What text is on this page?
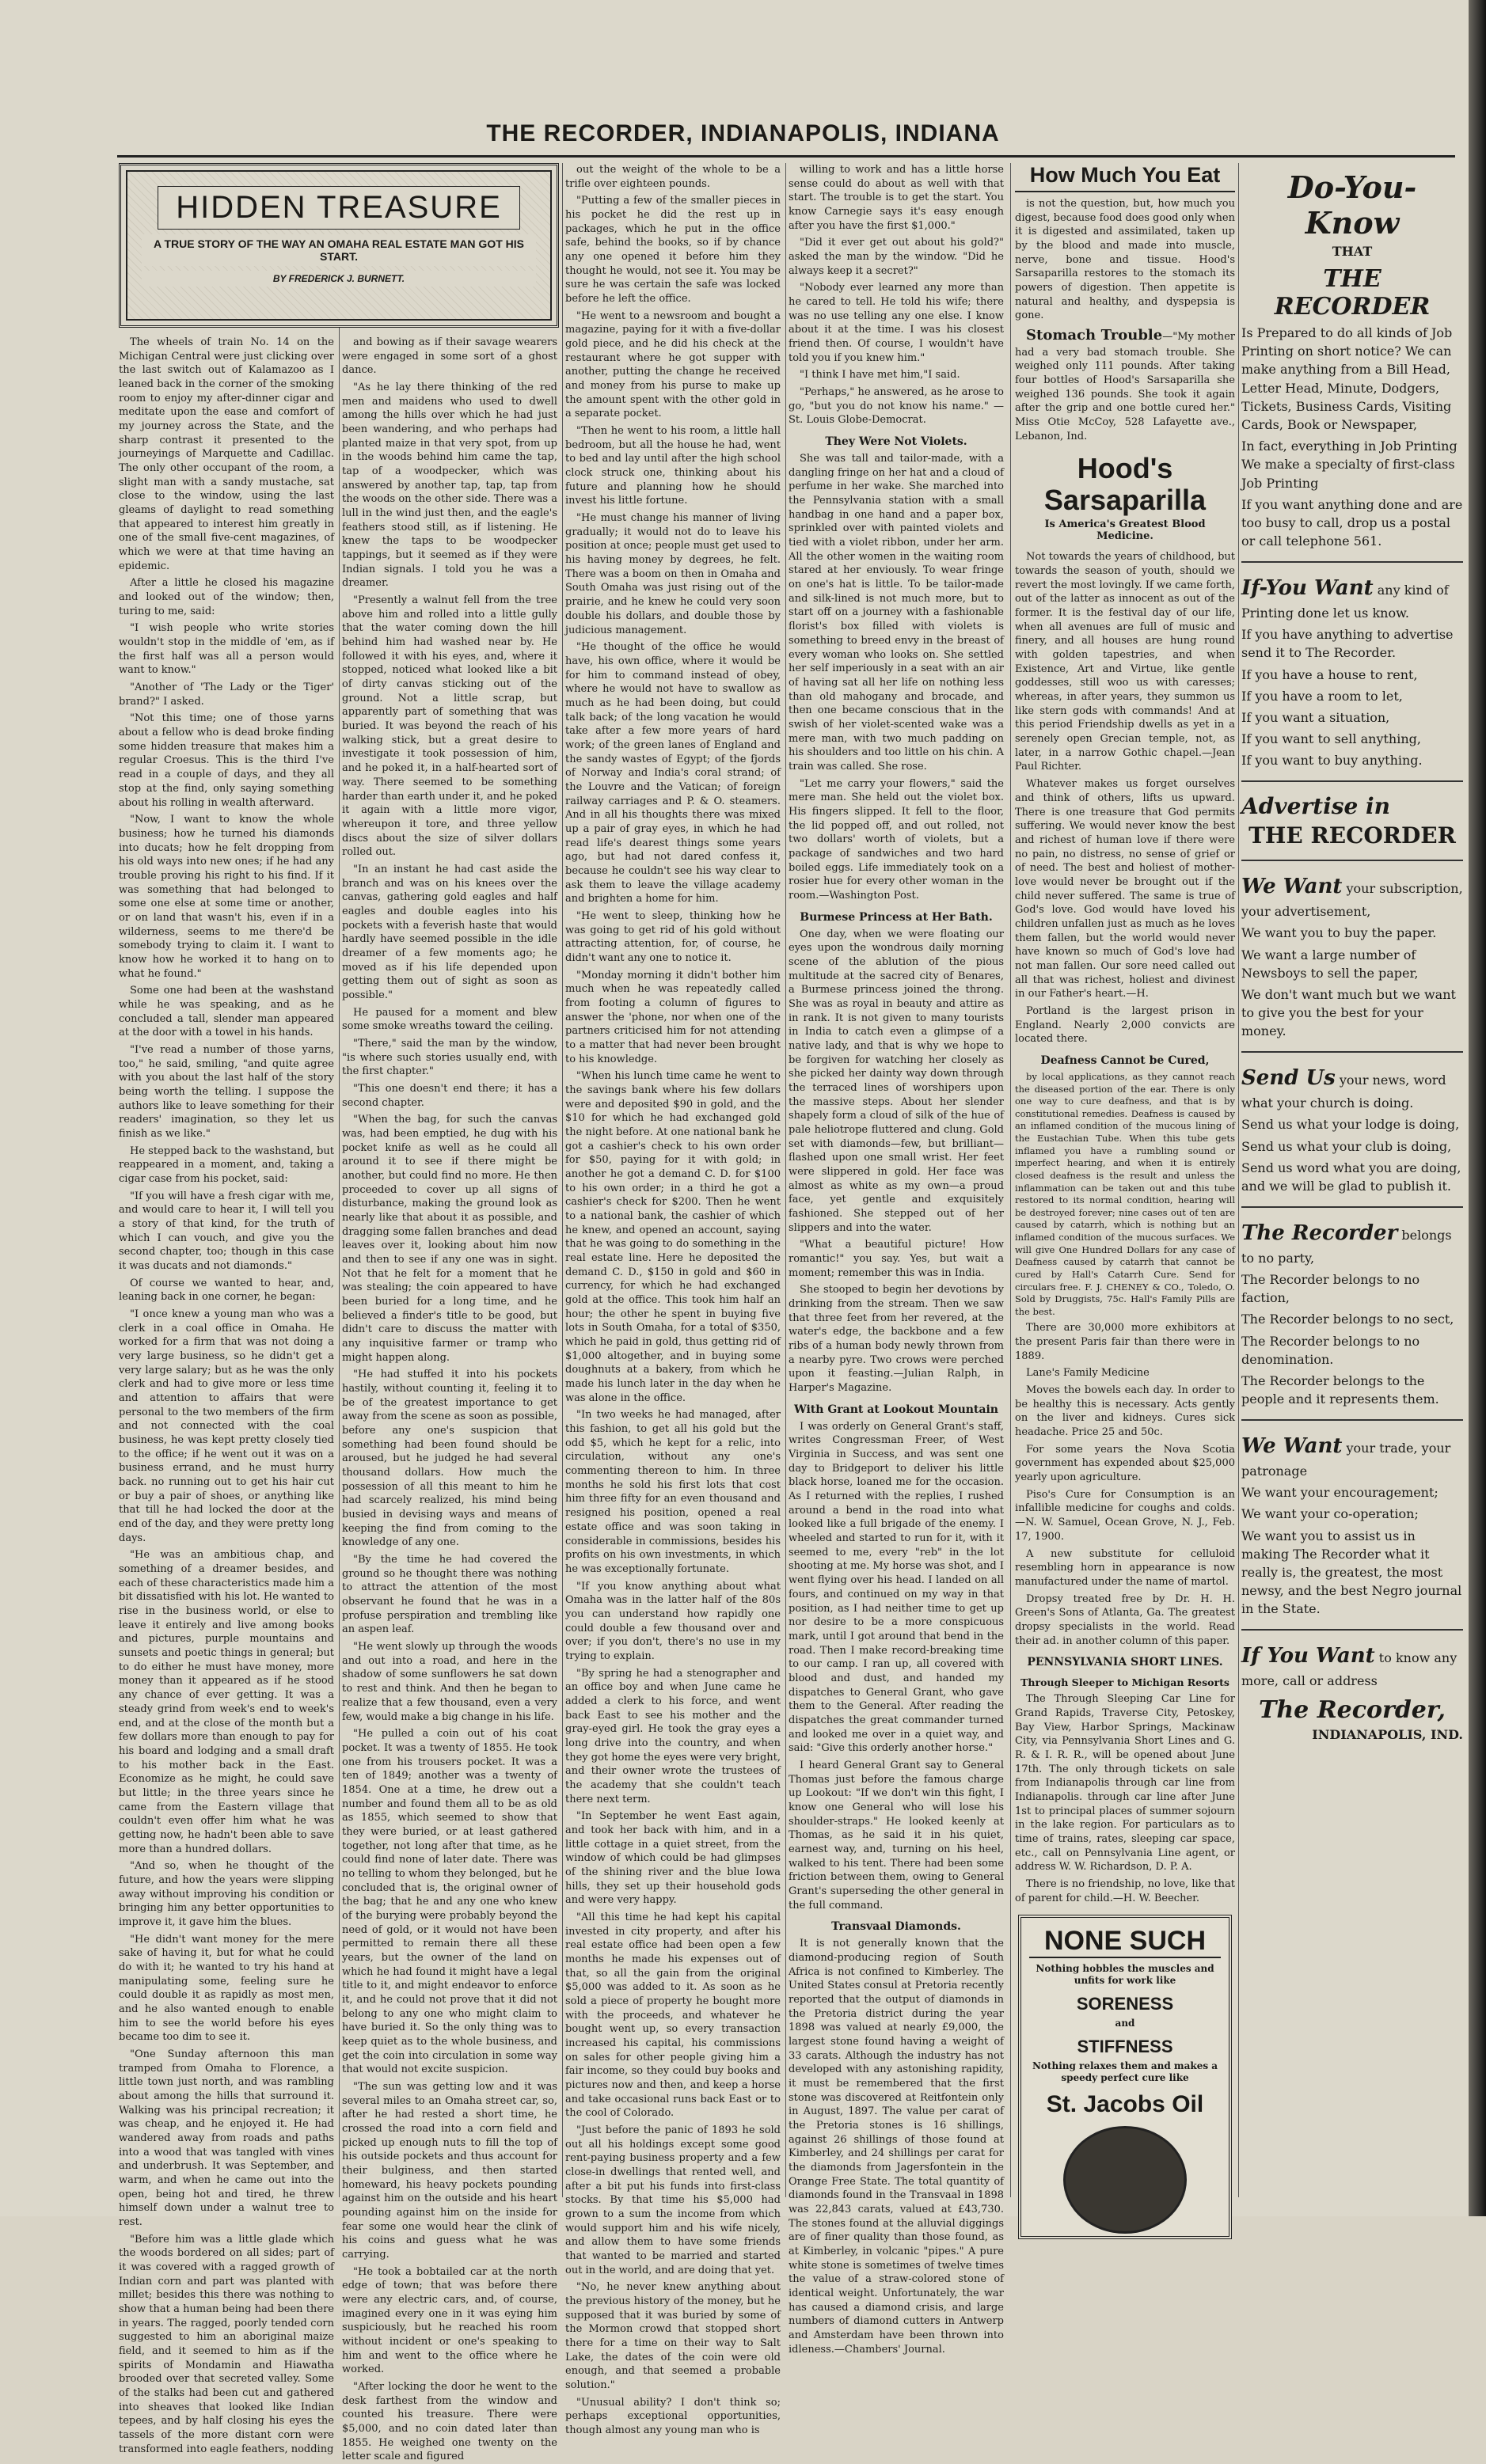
THE RECORDER, INDIANAPOLIS, INDIANA
HIDDEN TREASURE
A TRUE STORY OF THE WAY AN OMAHA REAL ESTATE MAN GOT HIS START.
BY FREDERICK J. BURNETT.

The wheels of train No. 14 on the Michigan Central were just clicking over the last switch out of Kalamazoo as I leaned back in the corner of the smoking room to enjoy my after-dinner cigar and meditate upon the ease and comfort of my journey across the State, and the sharp contrast it presented to the journeyings of Marquette and Cadillac. The only other occupant of the room, a slight man with a sandy mustache, sat close to the window, using the last gleams of daylight to read something that appeared to interest him greatly in one of the small five-cent magazines, of which we were at that time having an epidemic.

After a little he closed his magazine and looked out of the window; then, turing to me, said:

"I wish people who write stories wouldn't stop in the middle of 'em, as if the first half was all a person would want to know."

"Another of 'The Lady or the Tiger' brand?" I asked.

"Not this time; one of those yarns about a fellow who is dead broke finding some hidden treasure that makes him a regular Croesus. This is the third I've read in a couple of days, and they all stop at the find, only saying something about his rolling in wealth afterward.

"Now, I want to know the whole business; how he turned his diamonds into ducats; how he felt dropping from his old ways into new ones; if he had any trouble proving his right to his find. If it was something that had belonged to some one else at some time or another, or on land that wasn't his, even if in a wilderness, seems to me there'd be somebody trying to claim it. I want to know how he worked it to hang on to what he found."

Some one had been at the washstand while he was speaking, and as he concluded a tall, slender man appeared at the door with a towel in his hands.

"I've read a number of those yarns, too," he said, smiling, "and quite agree with you about the last half of the story being worth the telling. I suppose the authors like to leave something for their readers' imagination, so they let us finish as we like."

He stepped back to the washstand, but reappeared in a moment, and, taking a cigar case from his pocket, said:

"If you will have a fresh cigar with me, and would care to hear it, I will tell you a story of that kind, for the truth of which I can vouch, and give you the second chapter, too; though in this case it was ducats and not diamonds."

Of course we wanted to hear, and, leaning back in one corner, he began:

"I once knew a young man who was a clerk in a coal office in Omaha. He worked for a firm that was not doing a very large business, so he didn't get a very large salary; but as he was the only clerk and had to give more or less time and attention to affairs that were personal to the two members of the firm and not connected with the coal business, he was kept pretty closely tied to the office; if he went out it was on a business errand, and he must hurry back. no running out to get his hair cut or buy a pair of shoes, or anything like that till he had locked the door at the end of the day, and they were pretty long days.

"He was an ambitious chap, and something of a dreamer besides, and each of these characteristics made him a bit dissatisfied with his lot. He wanted to rise in the business world, or else to leave it entirely and live among books and pictures, purple mountains and sunsets and poetic things in general; but to do either he must have money, more money than it appeared as if he stood any chance of ever getting. It was a steady grind from week's end to week's end, and at the close of the month but a few dollars more than enough to pay for his board and lodging and a small draft to his mother back in the East. Economize as he might, he could save but little; in the three years since he came from the Eastern village that couldn't even offer him what he was getting now, he hadn't been able to save more than a hundred dollars.

"And so, when he thought of the future, and how the years were slipping away without improving his condition or bringing him any better opportunities to improve it, it gave him the blues.

"He didn't want money for the mere sake of having it, but for what he could do with it; he wanted to try his hand at manipulating some, feeling sure he could double it as rapidly as most men, and he also wanted enough to enable him to see the world before his eyes became too dim to see it.

"One Sunday afternoon this man tramped from Omaha to Florence, a little town just north, and was rambling about among the hills that surround it. Walking was his principal recreation; it was cheap, and he enjoyed it. He had wandered away from roads and paths into a wood that was tangled with vines and underbrush. It was September, and warm, and when he came out into the open, being hot and tired, he threw himself down under a walnut tree to rest.

"Before him was a little glade which the woods bordered on all sides; part of it was covered with a ragged growth of Indian corn and part was planted with millet; besides this there was nothing to show that a human being had been there in years. The ragged, poorly tended corn suggested to him an aboriginal maize field, and it seemed to him as if the spirits of Mondamin and Hiawatha brooded over that secreted valley. Some of the stalks had been cut and gathered into sheaves that looked like Indian tepees, and by half closing his eyes the tassels of the more distant corn were transformed into eagle feathers, nodding

and bowing as if their savage wearers were engaged in some sort of a ghost dance.

"As he lay there thinking of the red men and maidens who used to dwell among the hills over which he had just been wandering, and who perhaps had planted maize in that very spot, from up in the woods behind him came the tap, tap of a woodpecker, which was answered by another tap, tap, tap from the woods on the other side. There was a lull in the wind just then, and the eagle's feathers stood still, as if listening. He knew the taps to be woodpecker tappings, but it seemed as if they were Indian signals. I told you he was a dreamer.

"Presently a walnut fell from the tree above him and rolled into a little gully that the water coming down the hill behind him had washed near by. He followed it with his eyes, and, where it stopped, noticed what looked like a bit of dirty canvas sticking out of the ground. Not a little scrap, but apparently part of something that was buried. It was beyond the reach of his walking stick, but a great desire to investigate it took possession of him, and he poked it, in a half-hearted sort of way. There seemed to be something harder than earth under it, and he poked it again with a little more vigor, whereupon it tore, and three yellow discs about the size of silver dollars rolled out.

"In an instant he had cast aside the branch and was on his knees over the canvas, gathering gold eagles and half eagles and double eagles into his pockets with a feverish haste that would hardly have seemed possible in the idle dreamer of a few moments ago; he moved as if his life depended upon getting them out of sight as soon as possible."

He paused for a moment and blew some smoke wreaths toward the ceiling.

"There," said the man by the window, "is where such stories usually end, with the first chapter."

"This one doesn't end there; it has a second chapter.

"When the bag, for such the canvas was, had been emptied, he dug with his pocket knife as well as he could all around it to see if there might be another, but could find no more. He then proceeded to cover up all signs of disturbance, making the ground look as nearly like that about it as possible, and dragging some fallen branches and dead leaves over it, looking about him now and then to see if any one was in sight. Not that he felt for a moment that he was stealing; the coin appeared to have been buried for a long time, and he believed a finder's title to be good, but didn't care to discuss the matter with any inquisitive farmer or tramp who might happen along.

"He had stuffed it into his pockets hastily, without counting it, feeling it to be of the greatest importance to get away from the scene as soon as possible, before any one's suspicion that something had been found should be aroused, but he judged he had several thousand dollars. How much the possession of all this meant to him he had scarcely realized, his mind being busied in devising ways and means of keeping the find from coming to the knowledge of any one.

"By the time he had covered the ground so he thought there was nothing to attract the attention of the most observant he found that he was in a profuse perspiration and trembling like an aspen leaf.

"He went slowly up through the woods and out into a road, and here in the shadow of some sunflowers he sat down to rest and think. And then he began to realize that a few thousand, even a very few, would make a big change in his life.

"He pulled a coin out of his coat pocket. It was a twenty of 1855. He took one from his trousers pocket. It was a ten of 1849; another was a twenty of 1854. One at a time, he drew out a number and found them all to be as old as 1855, which seemed to show that they were buried, or at least gathered together, not long after that time, as he could find none of later date. There was no telling to whom they belonged, but he concluded that is, the original owner of the bag; that he and any one who knew of the burying were probably beyond the need of gold, or it would not have been permitted to remain there all these years, but the owner of the land on which he had found it might have a legal title to it, and might endeavor to enforce it, and he could not prove that it did not belong to any one who might claim to have buried it. So the only thing was to keep quiet as to the whole business, and get the coin into circulation in some way that would not excite suspicion.

"The sun was getting low and it was several miles to an Omaha street car, so, after he had rested a short time, he crossed the road into a corn field and picked up enough nuts to fill the top of his outside pockets and thus account for their bulginess, and then started homeward, his heavy pockets pounding against him on the outside and his heart pounding against him on the inside for fear some one would hear the clink of his coins and guess what he was carrying.

"He took a bobtailed car at the north edge of town; that was before there were any electric cars, and, of course, imagined every one in it was eying him suspiciously, but he reached his room without incident or one's speaking to him and went to the office where he worked.

"After locking the door he went to the desk farthest from the window and counted his treasure. There were $5,000, and no coin dated later than 1855. He weighed one twenty on the letter scale and figured

out the weight of the whole to be a trifle over eighteen pounds.

"Putting a few of the smaller pieces in his pocket he did the rest up in packages, which he put in the office safe, behind the books, so if by chance any one opened it before him they thought he would, not see it. You may be sure he was certain the safe was locked before he left the office.

"He went to a newsroom and bought a magazine, paying for it with a five-dollar gold piece, and he did his check at the restaurant where he got supper with another, putting the change he received and money from his purse to make up the amount spent with the other gold in a separate pocket.

"Then he went to his room, a little hall bedroom, but all the house he had, went to bed and lay until after the high school clock struck one, thinking about his future and planning how he should invest his little fortune.

"He must change his manner of living gradually; it would not do to leave his position at once; people must get used to his having money by degrees, he felt. There was a boom on then in Omaha and South Omaha was just rising out of the prairie, and he knew he could very soon double his dollars, and double those by judicious management.

"He thought of the office he would have, his own office, where it would be for him to command instead of obey, where he would not have to swallow as much as he had been doing, but could talk back; of the long vacation he would take after a few more years of hard work; of the green lanes of England and the sandy wastes of Egypt; of the fjords of Norway and India's coral strand; of the Louvre and the Vatican; of foreign railway carriages and P. & O. steamers. And in all his thoughts there was mixed up a pair of gray eyes, in which he had read life's dearest things some years ago, but had not dared confess it, because he couldn't see his way clear to ask them to leave the village academy and brighten a home for him.

"He went to sleep, thinking how he was going to get rid of his gold without attracting attention, for, of course, he didn't want any one to notice it.

"Monday morning it didn't bother him much when he was repeatedly called from footing a column of figures to answer the 'phone, nor when one of the partners criticised him for not attending to a matter that had never been brought to his knowledge.

"When his lunch time came he went to the savings bank where his few dollars were and deposited $90 in gold, and the $10 for which he had exchanged gold the night before. At one national bank he got a cashier's check to his own order for $50, paying for it with gold; in another he got a demand C. D. for $100 to his own order; in a third he got a cashier's check for $200. Then he went to a national bank, the cashier of which he knew, and opened an account, saying that he was going to do something in the real estate line. Here he deposited the demand C. D., $150 in gold and $60 in currency, for which he had exchanged gold at the office. This took him half an hour; the other he spent in buying five lots in South Omaha, for a total of $350, which he paid in gold, thus getting rid of $1,000 altogether, and in buying some doughnuts at a bakery, from which he made his lunch later in the day when he was alone in the office.

"In two weeks he had managed, after this fashion, to get all his gold but the odd $5, which he kept for a relic, into circulation, without any one's commenting thereon to him. In three months he sold his first lots that cost him three fifty for an even thousand and resigned his position, opened a real estate office and was soon taking in considerable in commissions, besides his profits on his own investments, in which he was exceptionally fortunate.

"If you know anything about what Omaha was in the latter half of the 80s you can understand how rapidly one could double a few thousand over and over; if you don't, there's no use in my trying to explain.

"By spring he had a stenographer and an office boy and when June came he added a clerk to his force, and went back East to see his mother and the gray-eyed girl. He took the gray eyes a long drive into the country, and when they got home the eyes were very bright, and their owner wrote the trustees of the academy that she couldn't teach there next term.

"In September he went East again, and took her back with him, and in a little cottage in a quiet street, from the window of which could be had glimpses of the shining river and the blue Iowa hills, they set up their household gods and were very happy.

"All this time he had kept his capital invested in city property, and after his real estate office had been open a few months he made his expenses out of that, so all the gain from the original $5,000 was added to it. As soon as he sold a piece of property he bought more with the proceeds, and whatever he bought went up, so every transaction increased his capital, his commissions on sales for other people giving him a fair income, so they could buy books and pictures now and then, and keep a horse and take occasional runs back East or to the cool of Colorado.

"Just before the panic of 1893 he sold out all his holdings except some good rent-paying business property and a few close-in dwellings that rented well, and after a bit put his funds into first-class stocks. By that time his $5,000 had grown to a sum the income from which would support him and his wife nicely, and allow them to have some friends that wanted to be married and started out in the world, and are doing that yet.

"No, he never knew anything about the previous history of the money, but he supposed that it was buried by some of the Mormon crowd that stopped short there for a time on their way to Salt Lake, the dates of the coin were old enough, and that seemed a probable solution."

"Unusual ability? I don't think so; perhaps exceptional opportunities, though almost any young man who is

willing to work and has a little horse sense could do about as well with that start. The trouble is to get the start. You know Carnegie says it's easy enough after you have the first $1,000."

"Did it ever get out about his gold?" asked the man by the window. "Did he always keep it a secret?"

"Nobody ever learned any more than he cared to tell. He told his wife; there was no use telling any one else. I know about it at the time. I was his closest friend then. Of course, I wouldn't have told you if you knew him."

"I think I have met him,"I said.

"Perhaps," he answered, as he arose to go, "but you do not know his name." —St. Louis Globe-Democrat.

They Were Not Violets.

She was tall and tailor-made, with a dangling fringe on her hat and a cloud of perfume in her wake. She marched into the Pennsylvania station with a small handbag in one hand and a paper box, sprinkled over with painted violets and tied with a violet ribbon, under her arm. All the other women in the waiting room stared at her enviously. To wear fringe on one's hat is little. To be tailor-made and silk-lined is not much more, but to start off on a journey with a fashionable florist's box filled with violets is something to breed envy in the breast of every woman who looks on. She settled her self imperiously in a seat with an air of having sat all her life on nothing less than old mahogany and brocade, and then one became conscious that in the swish of her violet-scented wake was a mere man, with two much padding on his shoulders and too little on his chin. A train was called. She rose.

"Let me carry your flowers," said the mere man. She held out the violet box. His fingers slipped. It fell to the floor, the lid popped off, and out rolled, not two dollars' worth of violets, but a package of sandwiches and two hard boiled eggs. Life immediately took on a rosier hue for every other woman in the room.—Washington Post.

Burmese Princess at Her Bath.

One day, when we were floating our eyes upon the wondrous daily morning scene of the ablution of the pious multitude at the sacred city of Benares, a Burmese princess joined the throng. She was as royal in beauty and attire as in rank. It is not given to many tourists in India to catch even a glimpse of a native lady, and that is why we hope to be forgiven for watching her closely as she picked her dainty way down through the terraced lines of worshipers upon the massive steps. About her slender shapely form a cloud of silk of the hue of pale heliotrope fluttered and clung. Gold set with diamonds—few, but brilliant—flashed upon one small wrist. Her feet were slippered in gold. Her face was almost as white as my own—a proud face, yet gentle and exquisitely fashioned. She stepped out of her slippers and into the water.

"What a beautiful picture! How romantic!" you say. Yes, but wait a moment; remember this was in India.

She stooped to begin her devotions by drinking from the stream. Then we saw that three feet from her revered, at the water's edge, the backbone and a few ribs of a human body newly thrown from a nearby pyre. Two crows were perched upon it feasting.—Julian Ralph, in Harper's Magazine.

With Grant at Lookout Mountain

I was orderly on General Grant's staff, writes Congressman Freer, of West Virginia in Success, and was sent one day to Bridgeport to deliver his little black horse, loaned me for the occasion. As I returned with the replies, I rushed around a bend in the road into what looked like a full brigade of the enemy. I wheeled and started to run for it, with it seemed to me, every "reb" in the lot shooting at me. My horse was shot, and I went flying over his head. I landed on all fours, and continued on my way in that position, as I had neither time to get up nor desire to be a more conspicuous mark, until I got around that bend in the road. Then I make record-breaking time to our camp. I ran up, all covered with blood and dust, and handed my dispatches to General Grant, who gave them to the General. After reading the dispatches the great commander turned and looked me over in a quiet way, and said: "Give this orderly another horse."

I heard General Grant say to General Thomas just before the famous charge up Lookout: "If we don't win this fight, I know one General who will lose his shoulder-straps." He looked keenly at Thomas, as he said it in his quiet, earnest way, and, turning on his heel, walked to his tent. There had been some friction between them, owing to General Grant's superseding the other general in the full command.

Transvaal Diamonds.

It is not generally known that the diamond-producing region of South Africa is not confined to Kimberley. The United States consul at Pretoria recently reported that the output of diamonds in the Pretoria district during the year 1898 was valued at nearly £9,000, the largest stone found having a weight of 33 carats. Although the industry has not developed with any astonishing rapidity, it must be remembered that the first stone was discovered at Reitfontein only in August, 1897. The value per carat of the Pretoria stones is 16 shillings, against 26 shillings of those found at Kimberley, and 24 shillings per carat for the diamonds from Jagersfontein in the Orange Free State. The total quantity of diamonds found in the Transvaal in 1898 was 22,843 carats, valued at £43,730. The stones found at the alluvial diggings are of finer quality than those found, as at Kimberley, in volcanic "pipes." A pure white stone is sometimes of twelve times the value of a straw-colored stone of identical weight. Unfortunately, the war has caused a diamond crisis, and large numbers of diamond cutters in Antwerp and Amsterdam have been thrown into idleness.—Chambers' Journal.

How Much You Eat

is not the question, but, how much you digest, because food does good only when it is digested and assimilated, taken up by the blood and made into muscle, nerve, bone and tissue. Hood's Sarsaparilla restores to the stomach its powers of digestion. Then appetite is natural and healthy, and dyspepsia is gone.

Stomach Trouble—"My mother had a very bad stomach trouble. She weighed only 111 pounds. After taking four bottles of Hood's Sarsaparilla she weighed 136 pounds. She took it again after the grip and one bottle cured her." Miss Otie McCoy, 528 Lafayette ave., Lebanon, Ind.

Hood's Sarsaparilla
Is America's Greatest Blood Medicine.

Not towards the years of childhood, but towards the season of youth, should we revert the most lovingly. If we came forth, out of the latter as innocent as out of the former. It is the festival day of our life, when all avenues are full of music and finery, and all houses are hung round with golden tapestries, and when Existence, Art and Virtue, like gentle goddesses, still woo us with caresses; whereas, in after years, they summon us like stern gods with commands! And at this period Friendship dwells as yet in a serenely open Grecian temple, not, as later, in a narrow Gothic chapel.—Jean Paul Richter.

Whatever makes us forget ourselves and think of others, lifts us upward. There is one treasure that God permits suffering. We would never know the best and richest of human love if there were no pain, no distress, no sense of grief or of need. The best and holiest of mother-love would never be brought out if the child never suffered. The same is true of God's love. God would have loved his children unfallen just as much as he loves them fallen, but the world would never have known so much of God's love had not man fallen. Our sore need called out all that was richest, holiest and divinest in our Father's heart.—H.

Portland is the largest prison in England. Nearly 2,000 convicts are located there.

Deafness Cannot be Cured,

by local applications, as they cannot reach the diseased portion of the ear. There is only one way to cure deafness, and that is by constitutional remedies. Deafness is caused by an inflamed condition of the mucous lining of the Eustachian Tube. When this tube gets inflamed you have a rumbling sound or imperfect hearing, and when it is entirely closed deafness is the result and unless the inflammation can be taken out and this tube restored to its normal condition, hearing will be destroyed forever; nine cases out of ten are caused by catarrh, which is nothing but an inflamed condition of the mucous surfaces. We will give One Hundred Dollars for any case of Deafness caused by catarrh that cannot be cured by Hall's Catarrh Cure. Send for circulars free. F. J. CHENEY & CO., Toledo, O. Sold by Druggists, 75c. Hall's Family Pills are the best.

There are 30,000 more exhibitors at the present Paris fair than there were in 1889.

Lane's Family Medicine

Moves the bowels each day. In order to be healthy this is necessary. Acts gently on the liver and kidneys. Cures sick headache. Price 25 and 50c.

For some years the Nova Scotia government has expended about $25,000 yearly upon agriculture.

Piso's Cure for Consumption is an infallible medicine for coughs and colds.—N. W. Samuel, Ocean Grove, N. J., Feb. 17, 1900.

A new substitute for celluloid resembling horn in appearance is now manufactured under the name of martol.

Dropsy treated free by Dr. H. H. Green's Sons of Atlanta, Ga. The greatest dropsy specialists in the world. Read their ad. in another column of this paper.

PENNSYLVANIA SHORT LINES.
Through Sleeper to Michigan Resorts

The Through Sleeping Car Line for Grand Rapids, Traverse City, Petoskey, Bay View, Harbor Springs, Mackinaw City, via Pennsylvania Short Lines and G. R. & I. R. R., will be opened about June 17th. The only through tickets on sale from Indianapolis through car line from Indianapolis. through car line after June 1st to principal places of summer sojourn in the lake region. For particulars as to time of trains, rates, sleeping car space, etc., call on Pennsylvania Line agent, or address W. W. Richardson, D. P. A.

There is no friendship, no love, like that of parent for child.—H. W. Beecher.

NONE SUCH
Nothing hobbles the muscles and unfits for work like
SORENESS
and
STIFFNESS
Nothing relaxes them and makes a speedy perfect cure like
St. Jacobs Oil
Do-You-Know
THAT
THE RECORDER

Is Prepared to do all kinds of Job Printing on short notice? We can make anything from a Bill Head, Letter Head, Minute, Dodgers, Tickets, Business Cards, Visiting Cards, Book or Newspaper,

In fact, everything in Job Printing We make a specialty of first-class Job Printing

If you want anything done and are too busy to call, drop us a postal or call telephone 561.

If-You Want any kind of Printing done let us know.

If you have anything to advertise send it to The Recorder.

If you have a house to rent,

If you have a room to let,

If you want a situation,

If you want to sell anything,

If you want to buy anything.

Advertise in
THE RECORDER

We Want your subscription, your advertisement,

We want you to buy the paper.

We want a large number of Newsboys to sell the paper,

We don't want much but we want to give you the best for your money.

Send Us your news, word what your church is doing.

Send us what your lodge is doing,

Send us what your club is doing,

Send us word what you are doing, and we will be glad to publish it.

The Recorder belongs to no party,

The Recorder belongs to no faction,

The Recorder belongs to no sect,

The Recorder belongs to no denomination.

The Recorder belongs to the people and it represents them.

We Want your trade, your patronage

We want your encouragement;

We want your co-operation;

We want you to assist us in making The Recorder what it really is, the greatest, the most newsy, and the best Negro journal in the State.

If You Want to know any more, call or address

The Recorder,
INDIANAPOLIS, IND.
